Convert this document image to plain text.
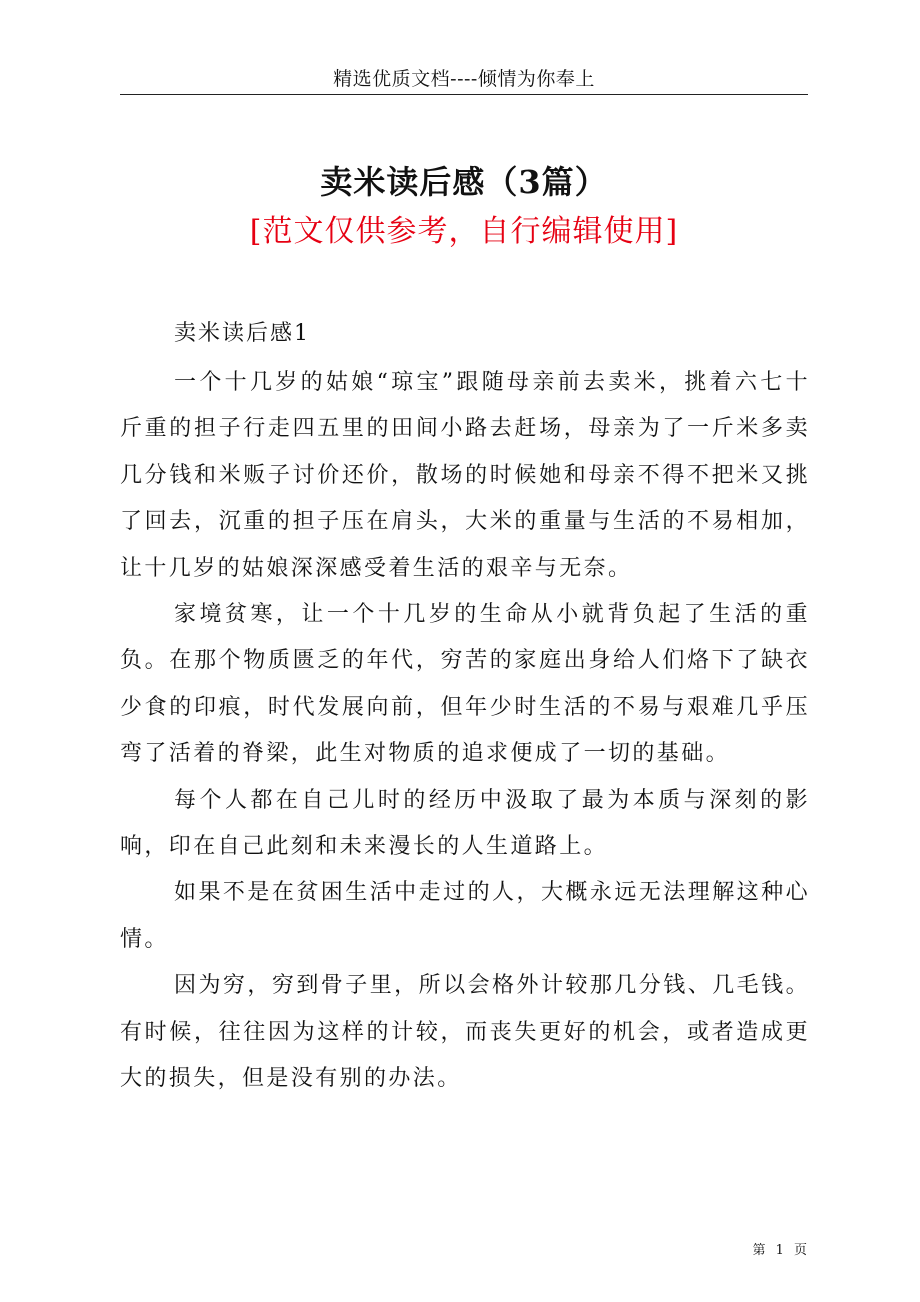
精选优质文档----倾情为你奉上
卖米读后感（3篇）
[范文仅供参考，自行编辑使用]
卖米读后感1

一个十几岁的姑娘“琼宝”跟随母亲前去卖米，挑着六七十斤重的担子行走四五里的田间小路去赶场，母亲为了一斤米多卖几分钱和米贩子讨价还价，散场的时候她和母亲不得不把米又挑了回去，沉重的担子压在肩头，大米的重量与生活的不易相加，让十几岁的姑娘深深感受着生活的艰辛与无奈。

家境贫寒，让一个十几岁的生命从小就背负起了生活的重负。在那个物质匮乏的年代，穷苦的家庭出身给人们烙下了缺衣少食的印痕，时代发展向前，但年少时生活的不易与艰难几乎压弯了活着的脊梁，此生对物质的追求便成了一切的基础。

每个人都在自己儿时的经历中汲取了最为本质与深刻的影响，印在自己此刻和未来漫长的人生道路上。

如果不是在贫困生活中走过的人，大概永远无法理解这种心情。

因为穷，穷到骨子里，所以会格外计较那几分钱、几毛钱。有时候，往往因为这样的计较，而丧失更好的机会，或者造成更大的损失，但是没有别的办法。

第 1 页
